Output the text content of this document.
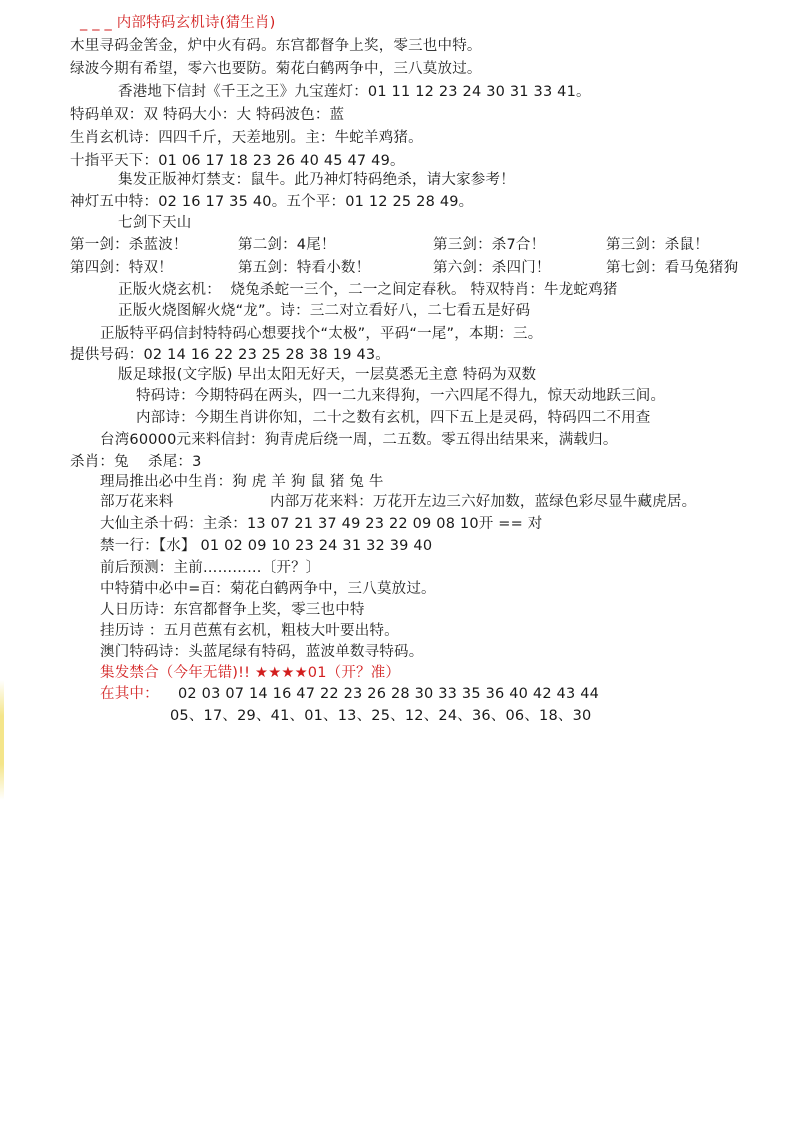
_ _ _ 内部特码玄机诗(猜生肖)
木里寻码金筈金，炉中火有码。东宫都督争上奖，零三也中特。
绿波今期有希望，零六也要防。菊花白鹤两争中，三八莫放过。
香港地下信封《千王之王》九宝莲灯：01 11 12 23 24 30 31 33 41。
特码单双：双 特码大小：大 特码波色：蓝
生肖玄机诗：四四千斤，天差地别。主：牛蛇羊鸡猪。
十指平天下：01 06 17 18 23 26 40 45 47 49。
集发正版神灯禁支：鼠牛。此乃神灯特码绝杀，请大家参考！
神灯五中特：02 16 17 35 40。五个平：01 12 25 28 49。
七剑下天山
第一剑：杀蓝波！	第二剑：4尾！	第三剑：杀7合！	第三剑：杀鼠！
第四剑：特双！	第五剑：特看小数！	第六剑：杀四门！	第七剑：看马兔猪狗
正版火烧玄机：  烧兔杀蛇一三个，二一之间定春秋。 特双特肖：牛龙蛇鸡猪
正版火烧图解火烧“龙”。诗：三二对立看好八，二七看五是好码
正版特平码信封特特码心想要找个“太极”，平码“一尾”，本期：三。
提供号码：02 14 16 22 23 25 28 38 19 43。
版足球报(文字版) 早出太阳无好天，一层莫悉无主意 特码为双数
特码诗：今期特码在两头，四一二九来得狗，一六四尾不得九，惊天动地跃三间。
内部诗：今期生肖讲你知，二十之数有玄机，四下五上是灵码，特码四二不用查
台湾60000元来料信封：狗青虎后绕一周，二五数。零五得出结果来，满载归。
杀肖：兔    杀尾：3
理局推出必中生肖：狗 虎 羊 狗 鼠 猪 兔 牛
部万花来料	内部万花来料：万花开左边三六好加数，蓝绿色彩尽显牛藏虎居。
大仙主杀十码：主杀：13 07 21 37 49 23 22 09 08 10开 == 对
禁一行：【水】 01 02 09 10 23 24 31 32 39 40
前后预测：主前…………〔开？〕
中特猜中必中=百：菊花白鹤两争中，三八莫放过。
人日历诗：东宫都督争上奖，零三也中特
挂历诗 ：五月芭蕉有玄机，粗枝大叶要出特。
澳门特码诗：头蓝尾绿有特码，蓝波单数寻特码。
集发禁合（今年无错)!! ★★★★01（开？准）
在其中： 02 03 07 14 16 47 22 23 26 28 30 33 35 36 40 42 43 44
05、17、29、41、01、13、25、12、24、36、06、18、30
